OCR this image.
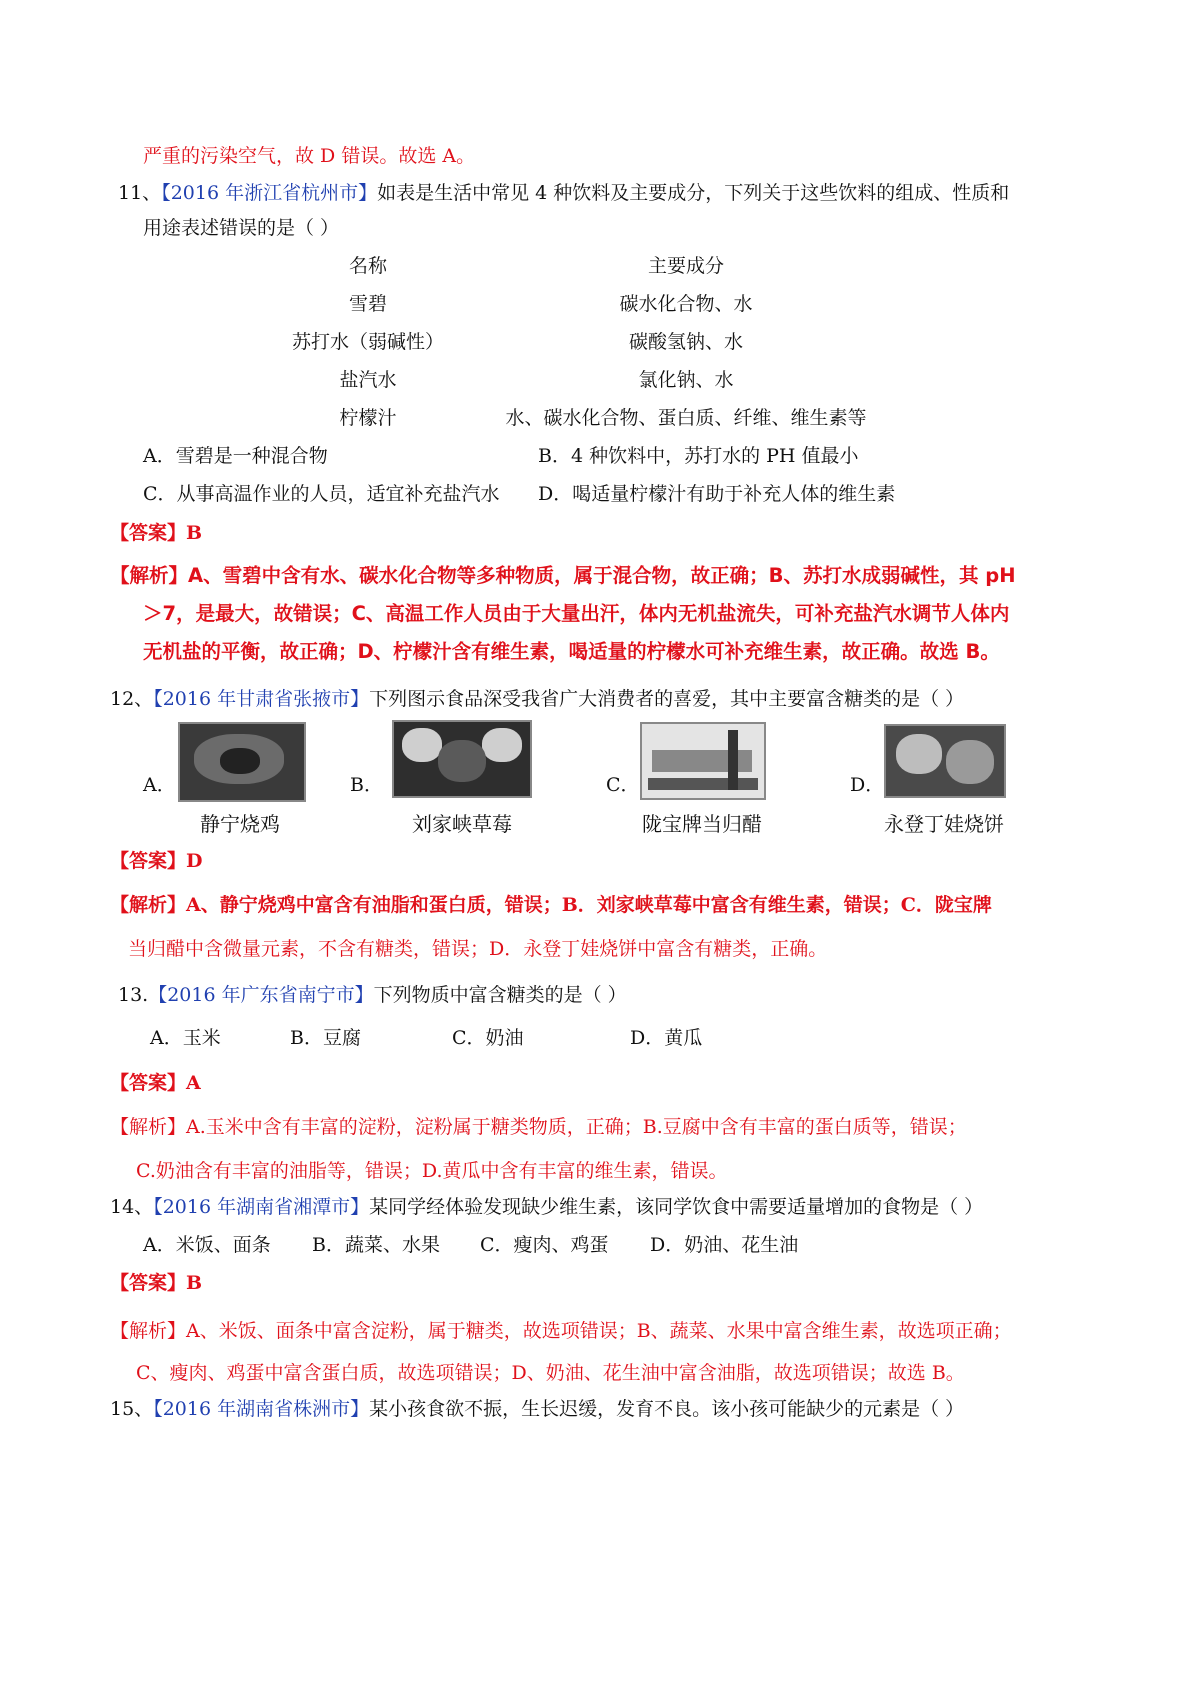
严重的污染空气，故 D 错误。故选 A。
11、【2016 年浙江省杭州市】如表是生活中常见 4 种饮料及主要成分，下列关于这些饮料的组成、性质和
用途表述错误的是（ ）
名称	主要成分
雪碧	碳水化合物、水
苏打水（弱碱性）	碳酸氢钠、水
盐汽水	氯化钠、水
柠檬汁	水、碳水化合物、蛋白质、纤维、维生素等
A．雪碧是一种混合物	B．4 种饮料中，苏打水的 PH 值最小
C．从事高温作业的人员，适宜补充盐汽水 D．喝适量柠檬汁有助于补充人体的维生素
【答案】B
【解析】A、雪碧中含有水、碳水化合物等多种物质，属于混合物，故正确；B、苏打水成弱碱性，其 pH
＞7，是最大，故错误；C、高温工作人员由于大量出汗，体内无机盐流失，可补充盐汽水调节人体内
无机盐的平衡，故正确；D、柠檬汁含有维生素，喝适量的柠檬水可补充维生素，故正确。故选 B。
12、【2016 年甘肃省张掖市】下列图示食品深受我省广大消费者的喜爱，其中主要富含糖类的是（ ）
A．
静宁烧鸡
B．
刘家峡草莓
C．
陇宝牌当归醋
D．
永登丁娃烧饼
【答案】D
【解析】A、静宁烧鸡中富含有油脂和蛋白质，错误；B．刘家峡草莓中富含有维生素，错误；C．陇宝牌
当归醋中含微量元素，不含有糖类，错误；D．永登丁娃烧饼中富含有糖类，正确。
13.【2016 年广东省南宁市】下列物质中富含糖类的是（ ）
A．玉米	B．豆腐	C．奶油	D．黄瓜
【答案】A
【解析】A.玉米中含有丰富的淀粉，淀粉属于糖类物质，正确；B.豆腐中含有丰富的蛋白质等，错误；
C.奶油含有丰富的油脂等，错误；D.黄瓜中含有丰富的维生素，错误。
14、【2016 年湖南省湘潭市】某同学经体验发现缺少维生素，该同学饮食中需要适量增加的食物是（ ）
A．米饭、面条 B．蔬菜、水果 C．瘦肉、鸡蛋 D．奶油、花生油
【答案】B
【解析】A、米饭、面条中富含淀粉，属于糖类，故选项错误；B、蔬菜、水果中富含维生素，故选项正确；
C、瘦肉、鸡蛋中富含蛋白质，故选项错误；D、奶油、花生油中富含油脂，故选项错误；故选 B。
15、【2016 年湖南省株洲市】某小孩食欲不振，生长迟缓，发育不良。该小孩可能缺少的元素是（ ）
